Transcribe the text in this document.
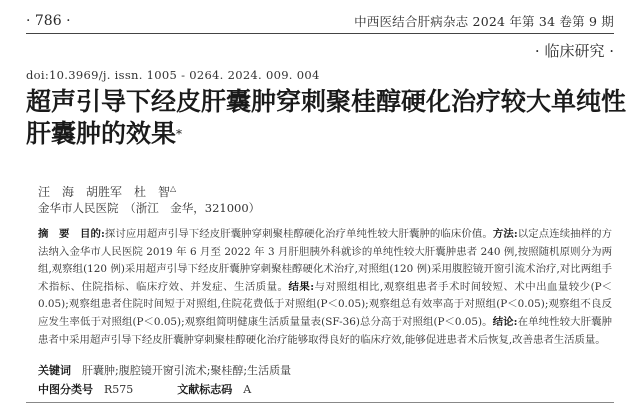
· 786 ·	中西医结合肝病杂志 2024 年第 34 卷第 9 期
· 临床研究 ·
doi:10.3969/j. issn. 1005 - 0264. 2024. 009. 004
超声引导下经皮肝囊肿穿刺聚桂醇硬化治疗较大单纯性
肝囊肿的效果*
汪　海　胡胜军　杜　智△
金华市人民医院　（浙江　金华，321000）
摘　要　 目的:探讨应用超声引导下经皮肝囊肿穿刺聚桂醇硬化治疗单纯性较大肝囊肿的临床价值。方法:以定点连续抽样的方法纳入金华市人民医院 2019 年 6 月至 2022 年 3 月肝胆胰外科就诊的单纯性较大肝囊肿患者 240 例,按照随机原则分为两组,观察组(120 例)采用超声引导下经皮肝囊肿穿刺聚桂醇硬化术治疗,对照组(120 例)采用腹腔镜开窗引流术治疗,对比两组手术指标、住院指标、临床疗效、并发症、生活质量。结果:与对照组相比,观察组患者手术时间较短、术中出血量较少(P＜0.05);观察组患者住院时间短于对照组,住院花费低于对照组(P＜0.05);观察组总有效率高于对照组(P＜0.05);观察组不良反应发生率低于对照组(P＜0.05);观察组简明健康生活质量量表(SF-36)总分高于对照组(P＜0.05)。结论:在单纯性较大肝囊肿患者中采用超声引导下经皮肝囊肿穿刺聚桂醇硬化治疗能够取得良好的临床疗效,能够促进患者术后恢复,改善患者生活质量。
关键词　 肝囊肿;腹腔镜开窗引流术;聚桂醇;生活质量
中图分类号　 R575	文献标志码　 A
